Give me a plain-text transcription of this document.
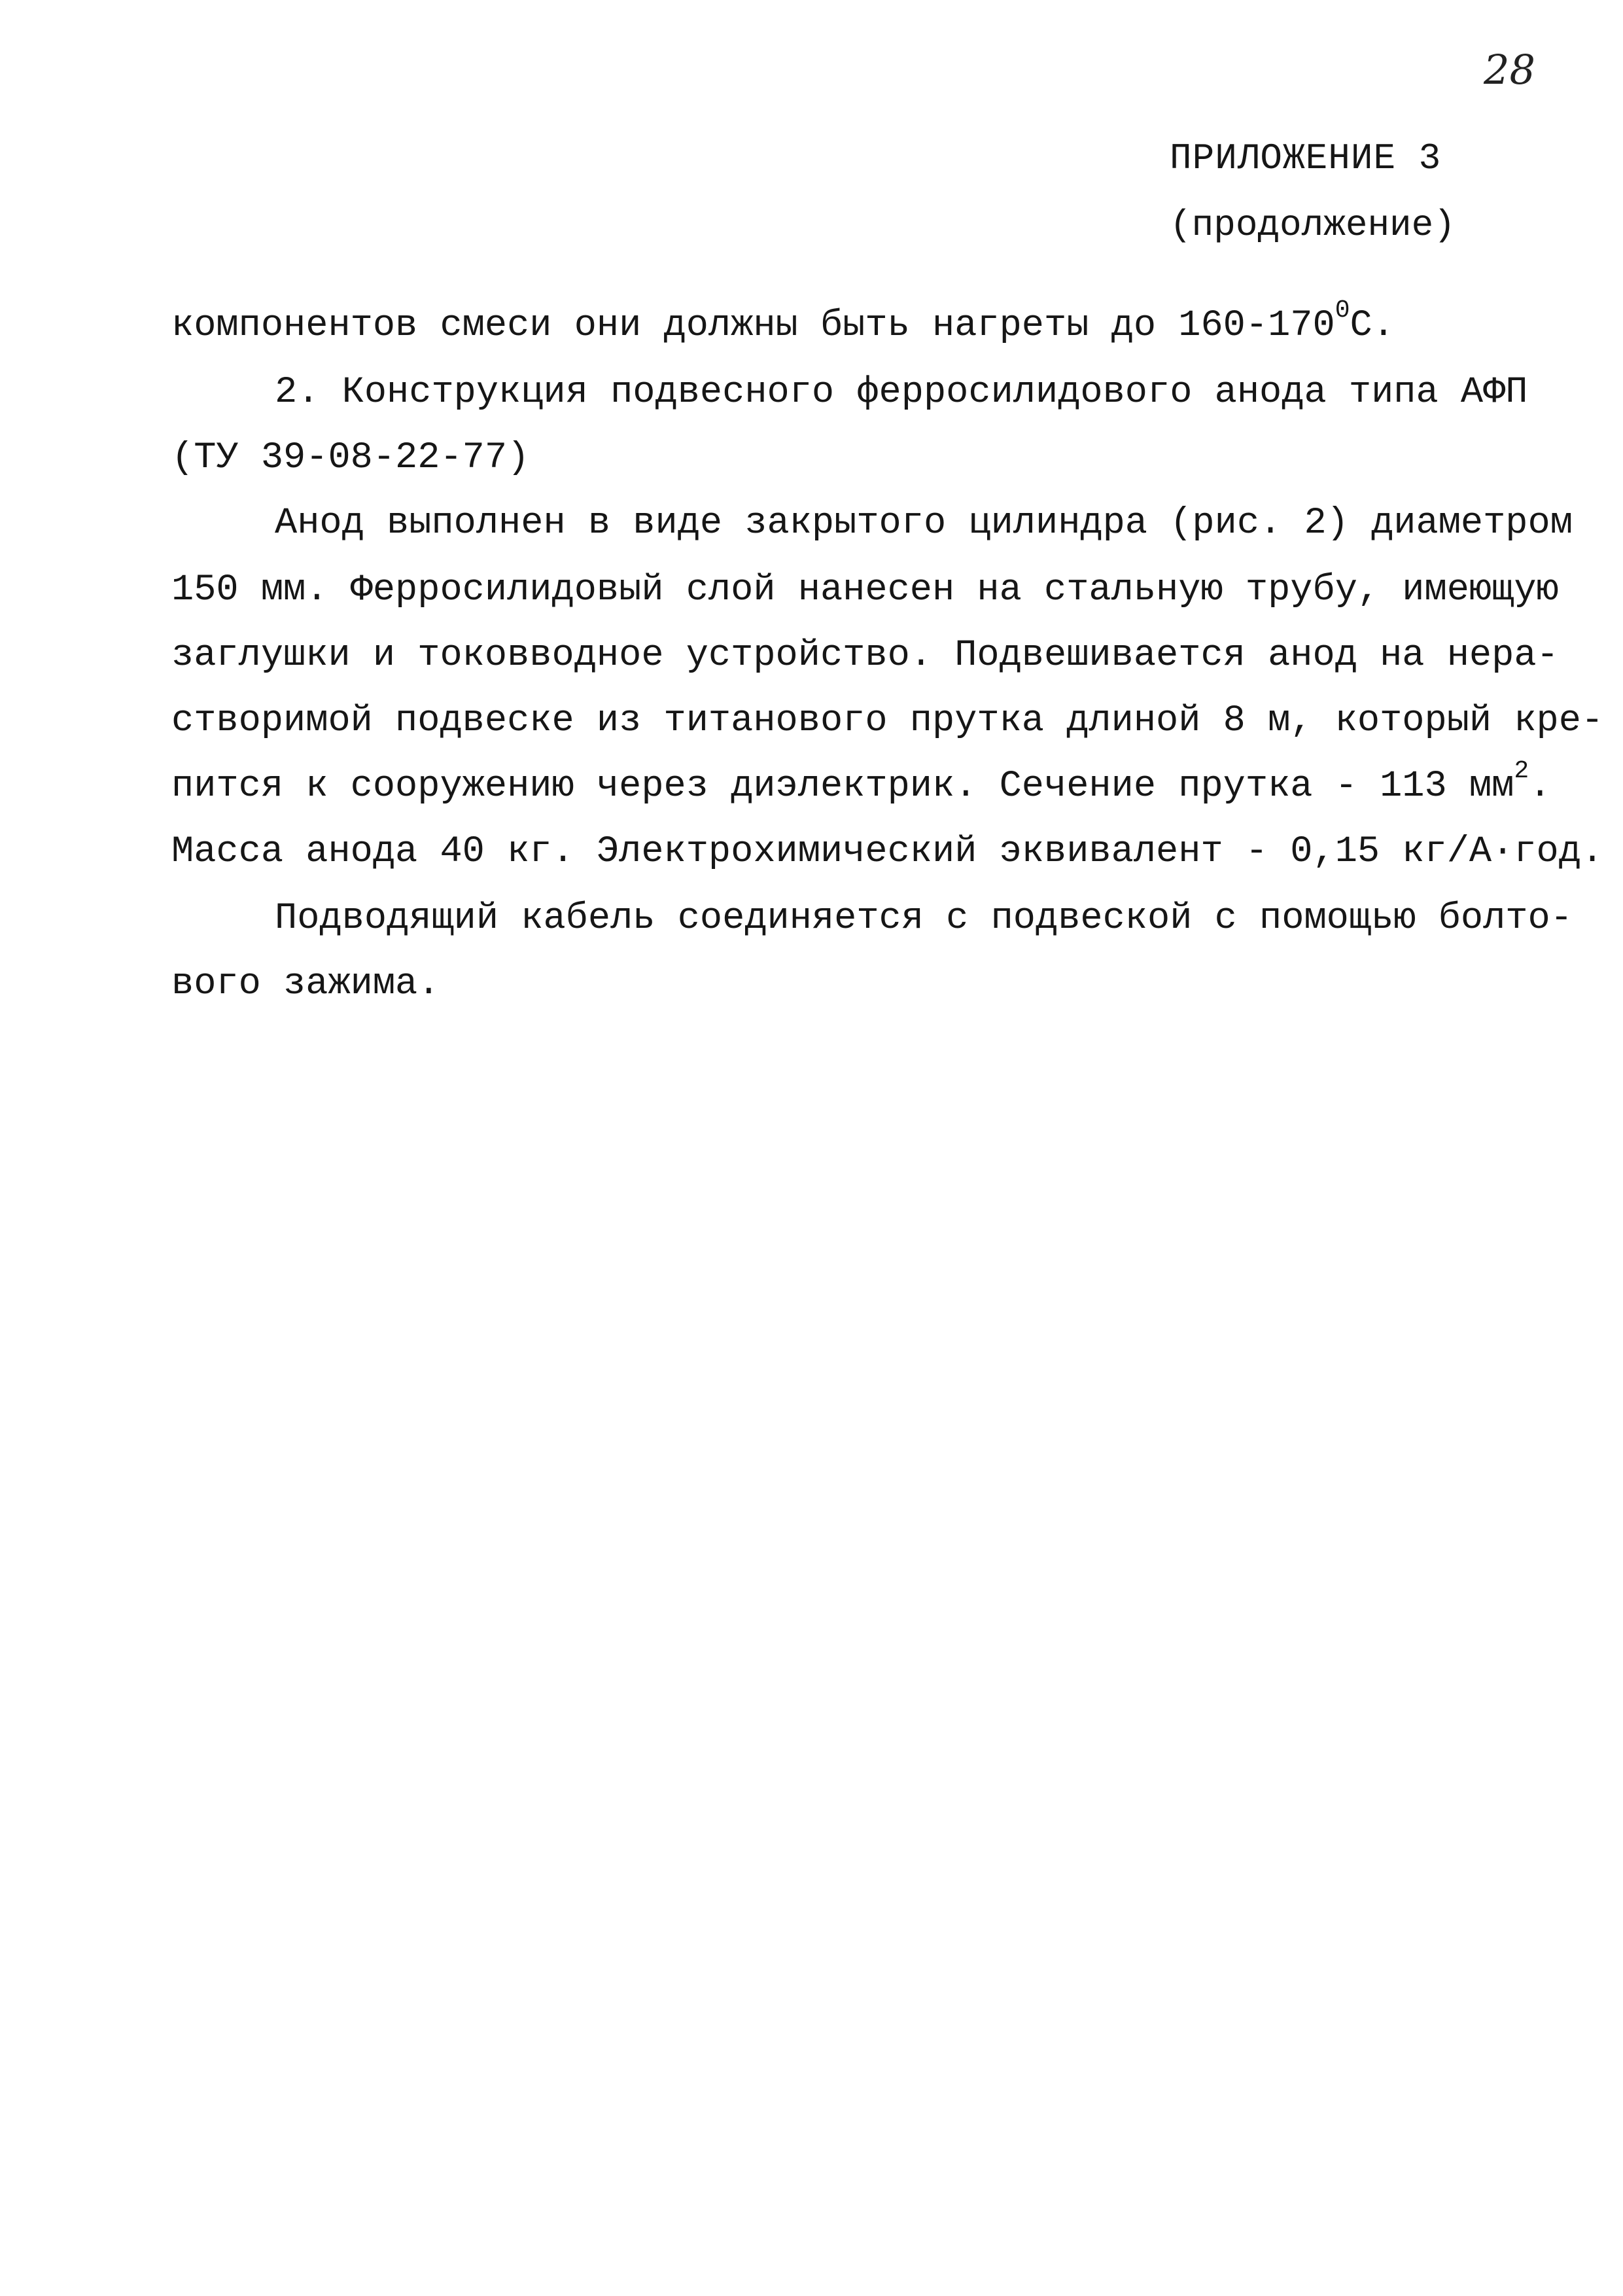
28
ПРИЛОЖЕНИЕ 3
(продолжение)
компонентов смеси они должны быть нагреты до $160-170^0С$.
2. Конструкция подвесного ферросилидового анода типа АФП
(ТУ 39-08-22-77)
Анод выполнен в виде закрытого цилиндра (рис. 2) диаметром
150 мм. Ферросилидовый слой нанесен на стальную трубу, имеющую
заглушки и токовводное устройство. Подвешивается анод на нера-
створимой подвеске из титанового прутка длиной 8 м, который кре-
пится к сооружению через диэлектрик. Сечение прутка - 113 $мм^2$.
Масса анода 40 кг. Электрохимический эквивалент - 0,15 кг/А·год.
Подводящий кабель соединяется с подвеской с помощью болто-
вого зажима.
